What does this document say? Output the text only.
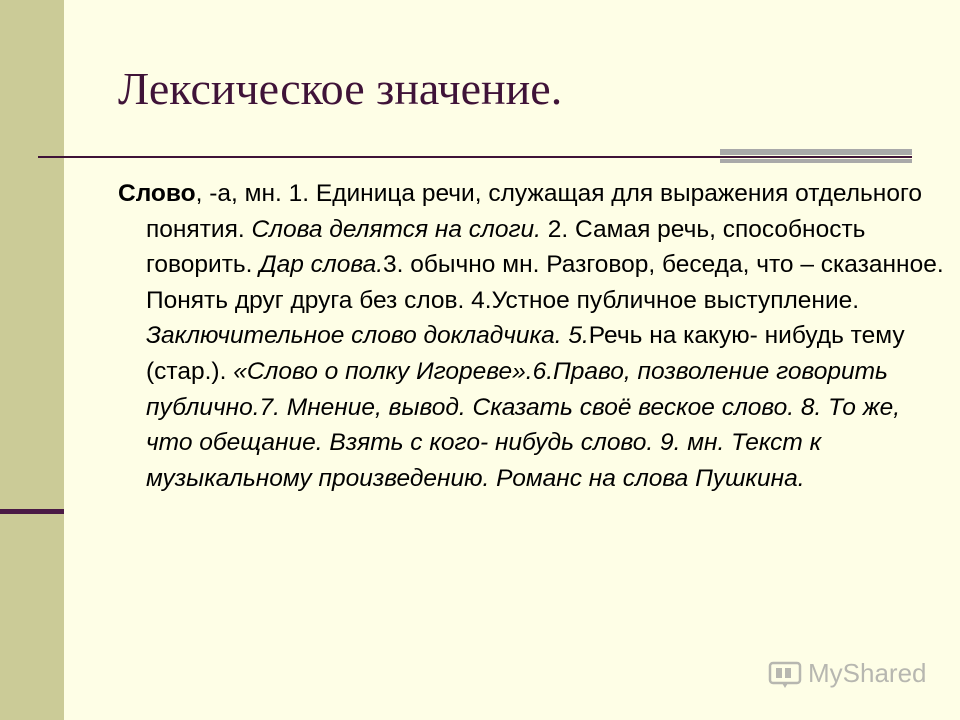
Лексическое значение.

Слово, -а, мн. 1. Единица речи, служащая для выражения отдельного понятия. Слова делятся на слоги. 2. Самая речь, способность говорить. Дар слова.3. обычно мн. Разговор, беседа, что – сказанное. Понять друг друга без слов. 4.Устное публичное выступление. Заключительное слово докладчика. 5.Речь на какую- нибудь тему (стар.). «Слово о полку Игореве».6.Право, позволение говорить публично.7. Мнение, вывод. Сказать своё веское слово. 8. То же, что обещание. Взять с кого- нибудь слово. 9. мн. Текст к музыкальному произведению. Романс на слова Пушкина.

MyShared
